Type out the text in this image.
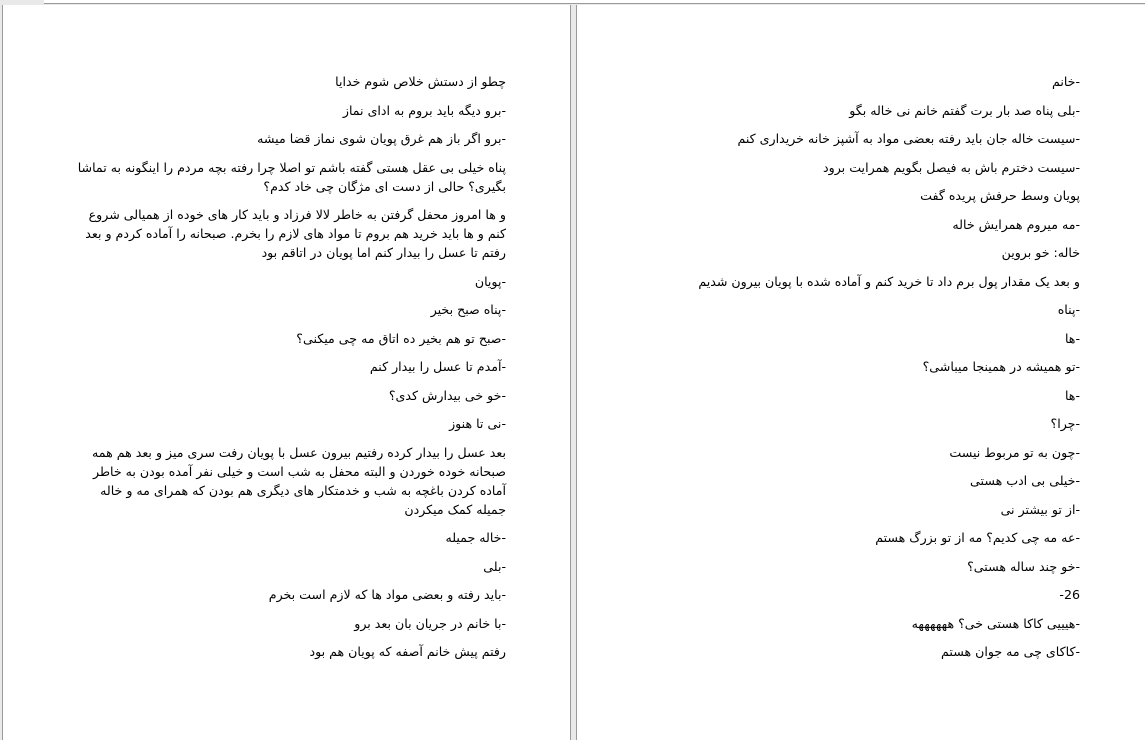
چطو از دستش خلاص شوم خدایا

-برو دیگه باید بروم به ادای نماز

-برو اگر باز هم غرق پویان شوی نماز قضا میشه

پناه خیلی بی عقل هستی گفته باشم تو اصلا چرا رفته بچه مردم را اینگونه به تماشا بگیری؟ حالی از دست ای مژگان چی خاد کدم؟

و ها امروز محفل گرفتن به خاطر لالا فرزاد و باید کار های خوده از همیالی شروع کنم و ها باید خرید هم بروم تا مواد های لازم را بخرم. صبحانه را آماده کردم و بعد رفتم تا عسل را بیدار کنم اما پویان در اتاقم بود

-پویان

-پناه صبح بخیر

-صبح تو هم بخیر ده اتاق مه چی میکنی؟

-آمدم تا عسل را بیدار کنم

-خو خی بیدارش کدی؟

-نی تا هنوز

بعد عسل را بیدار کرده رفتیم بیرون عسل با پویان رفت سری میز و بعد هم همه صبحانه خوده خوردن و البته محفل به شب است و خیلی نفر آمده بودن به خاطر آماده کردن باغچه به شب و خدمتکار های دیگری هم بودن که همرای مه و خاله جمیله کمک میکردن

-خاله جمیله

-بلی

-باید رفته و بعضی مواد ها که لازم است بخرم

-با خانم در جریان بان بعد برو

رفتم پیش خانم آصفه که پویان هم بود

-خانم

-بلی پناه صد بار برت گفتم خانم نی خاله بگو

-سیست خاله جان باید رفته بعضی مواد به آشپز خانه خریداری کنم

-سیست دخترم باش به فیصل بگویم همرایت برود

پویان وسط حرفش پریده گفت

-مه میروم همرایش خاله

خاله: خو بروین

و بعد یک مقدار پول برم داد تا خرید کنم و آماده شده با پویان بیرون شدیم

-پناه

-ها

-تو همیشه در همینجا میباشی؟

-ها

-چرا؟

-چون به تو مربوط نیست

-خیلی بی ادب هستی

-از تو بیشتر نی

-عه مه چی کدیم؟ مه از تو بزرگ هستم

-خو چند ساله هستی؟

26-

-هیییی کاکا هستی خی؟ ههههههه

-کاکای چی مه جوان هستم
